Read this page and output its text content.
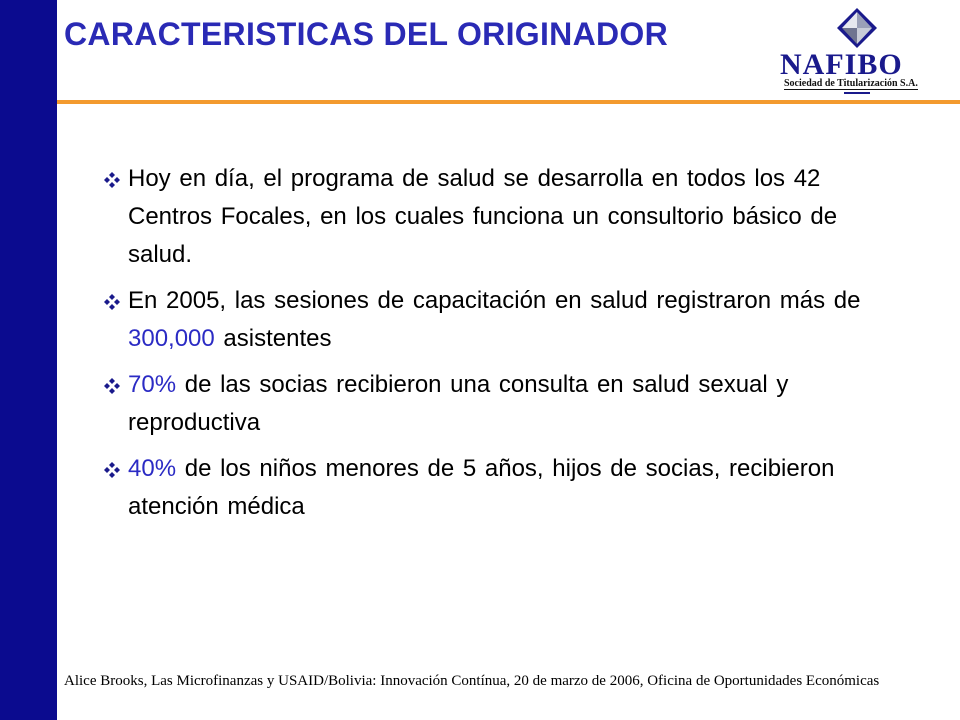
CARACTERISTICAS DEL ORIGINADOR
NAFIBO
Sociedad de Titularización S.A.
Hoy en día, el programa de salud se desarrolla en todos los 42 Centros Focales, en los cuales funciona un consultorio básico de salud.
En 2005, las sesiones de capacitación en salud registraron más de 300,000 asistentes
70% de las socias recibieron una consulta en salud sexual y reproductiva
40% de los niños menores de 5 años, hijos de socias, recibieron atención médica
Alice Brooks, Las Microfinanzas y USAID/Bolivia: Innovación Contínua, 20 de marzo de 2006, Oficina de Oportunidades Económicas
